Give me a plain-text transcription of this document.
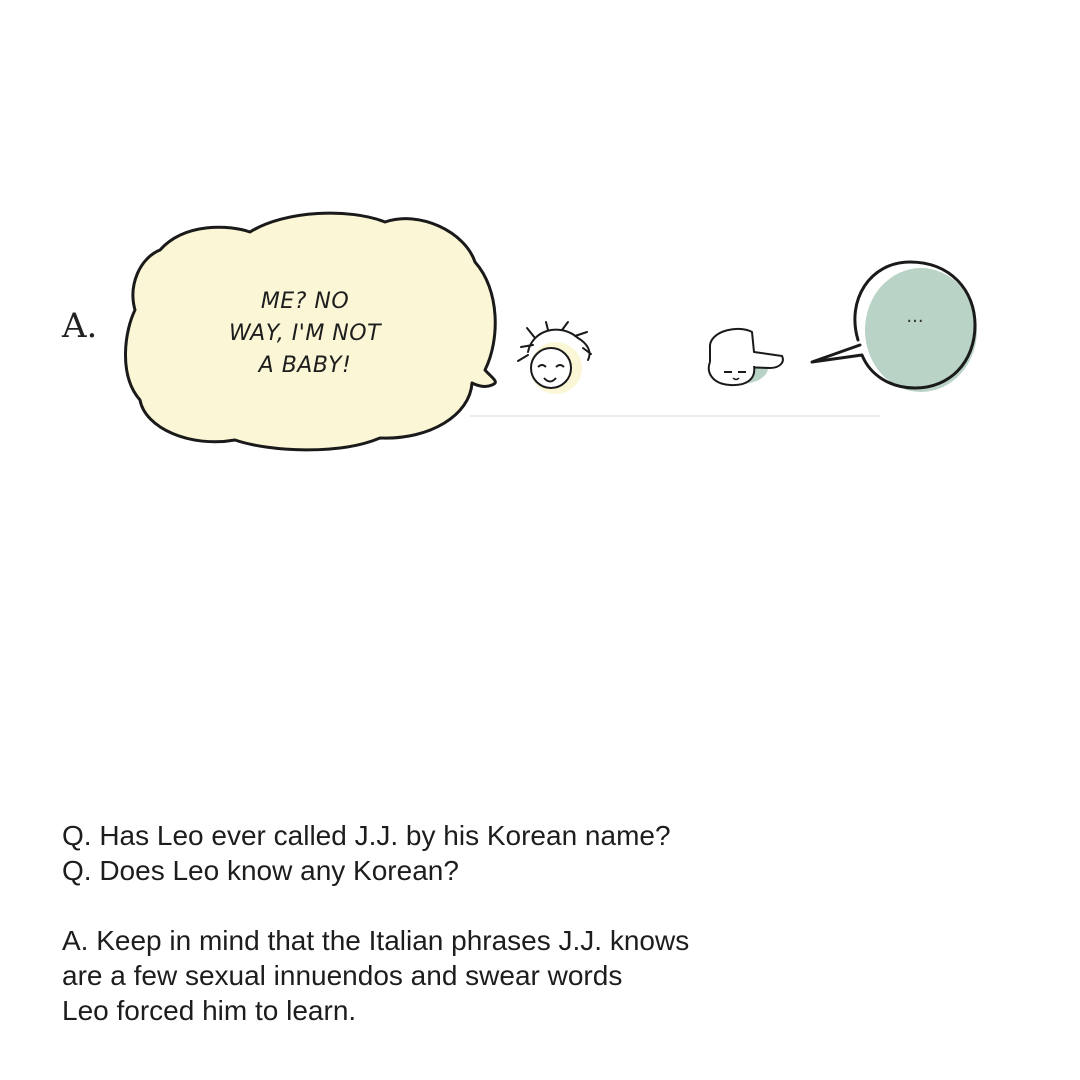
A.
ME? NO
WAY, I'M NOT
A BABY!
...

Q. Has Leo ever called J.J. by his Korean name?

Q. Does Leo know any Korean?

A. Keep in mind that the Italian phrases J.J. knows

are a few sexual innuendos and swear words

Leo forced him to learn.
